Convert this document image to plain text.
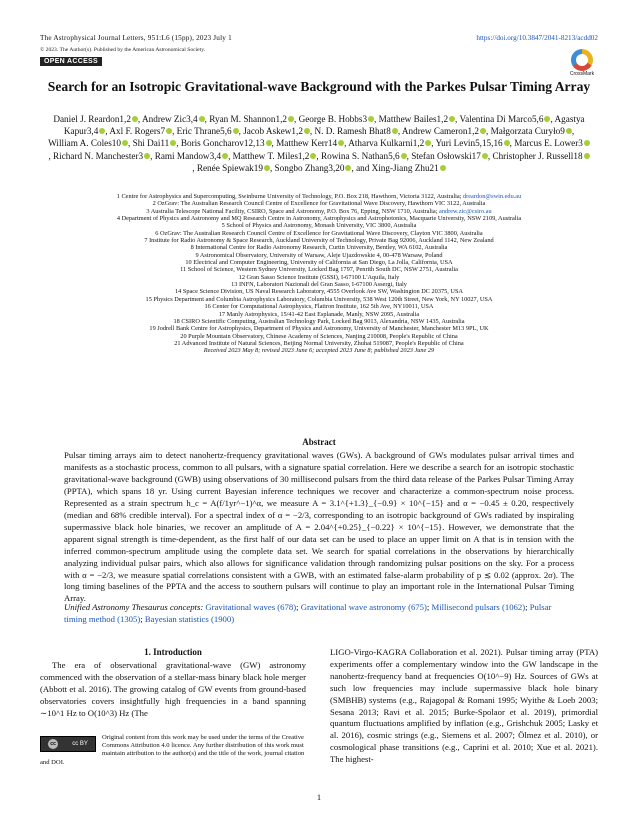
The Astrophysical Journal Letters, 951:L6 (15pp), 2023 July 1	https://doi.org/10.3847/2041-8213/acdd02
© 2023. The Author(s). Published by the American Astronomical Society.
OPEN ACCESS
CrossMark
Search for an Isotropic Gravitational-wave Background with the Parkes Pulsar Timing Array
Daniel J. Reardon1,2 , Andrew Zic3,4 , Ryan M. Shannon1,2 , George B. Hobbs3 , Matthew Bailes1,2 , Valentina Di Marco5,6 , Agastya Kapur3,4 , Axl F. Rogers7 , Eric Thrane5,6 , Jacob Askew1,2 , N. D. Ramesh Bhat8 , Andrew Cameron1,2 , Małgorzata Curyło9 , William A. Coles10 , Shi Dai11 , Boris Goncharov12,13 , Matthew Kerr14 , Atharva Kulkarni1,2 , Yuri Levin5,15,16 , Marcus E. Lower3, Richard N. Manchester3 , Rami Mandow3,4 , Matthew T. Miles1,2 , Rowina S. Nathan5,6 , Stefan Osłowski17 , Christopher J. Russell18, Renée Spiewak19 , Songbo Zhang3,20 , and Xing-Jiang Zhu21
1 Centre for Astrophysics and Supercomputing, Swinburne University of Technology, P.O. Box 218, Hawthorn, Victoria 3122, Australia; dreardon@swin.edu.au
2 OzGrav: The Australian Research Council Centre of Excellence for Gravitational Wave Discovery, Hawthorn VIC 3122, Australia
3 Australia Telescope National Facility, CSIRO, Space and Astronomy, P.O. Box 76, Epping, NSW 1710, Australia; andrew.zic@csiro.au
4 Department of Physics and Astronomy and MQ Research Centre in Astronomy, Astrophysics and Astrophotonics, Macquarie University, NSW 2109, Australia
5 School of Physics and Astronomy, Monash University, VIC 3800, Australia
6 OzGrav: The Australian Research Council Centre of Excellence for Gravitational Wave Discovery, Clayton VIC 3800, Australia
7 Institute for Radio Astronomy & Space Research, Auckland University of Technology, Private Bag 92006, Auckland 1142, New Zealand
8 International Centre for Radio Astronomy Research, Curtin University, Bentley, WA 6102, Australia
9 Astronomical Observatory, University of Warsaw, Aleje Ujazdowskie 4, 00-478 Warsaw, Poland
10 Electrical and Computer Engineering, University of California at San Diego, La Jolla, California, USA
11 School of Science, Western Sydney University, Locked Bag 1797, Penrith South DC, NSW 2751, Australia
12 Gran Sasso Science Institute (GSSI), I-67100 L'Aquila, Italy
13 INFN, Laboratori Nazionali del Gran Sasso, I-67100 Assergi, Italy
14 Space Science Division, US Naval Research Laboratory, 4555 Overlook Ave SW, Washington DC 20375, USA
15 Physics Department and Columbia Astrophysics Laboratory, Columbia University, 538 West 120th Street, New York, NY 10027, USA
16 Center for Computational Astrophysics, Flatiron Institute, 162 5th Ave, NY10011, USA
17 Manly Astrophysics, 15/41-42 East Esplanade, Manly, NSW 2095, Australia
18 CSIRO Scientific Computing, Australian Technology Park, Locked Bag 9013, Alexandria, NSW 1435, Australia
19 Jodrell Bank Centre for Astrophysics, Department of Physics and Astronomy, University of Manchester, Manchester M13 9PL, UK
20 Purple Mountain Observatory, Chinese Academy of Sciences, Nanjing 210008, People's Republic of China
21 Advanced Institute of Natural Sciences, Beijing Normal University, Zhuhai 519087, People's Republic of China
Received 2023 May 8; revised 2023 June 6; accepted 2023 June 8; published 2023 June 29
Abstract
Pulsar timing arrays aim to detect nanohertz-frequency gravitational waves (GWs). A background of GWs modulates pulsar arrival times and manifests as a stochastic process, common to all pulsars, with a signature spatial correlation. Here we describe a search for an isotropic stochastic gravitational-wave background (GWB) using observations of 30 millisecond pulsars from the third data release of the Parkes Pulsar Timing Array (PPTA), which spans 18 yr. Using current Bayesian inference techniques we recover and characterize a common-spectrum noise process. Represented as a strain spectrum h_c = A(f/1yr^−1)^α, we measure A = 3.1^{+1.3}_{−0.9} × 10^{−15} and α = −0.45 ± 0.20, respectively (median and 68% credible interval). For a spectral index of α = −2/3, corresponding to an isotropic background of GWs radiated by inspiraling supermassive black hole binaries, we recover an amplitude of A = 2.04^{+0.25}_{−0.22} × 10^{−15}. However, we demonstrate that the apparent signal strength is time-dependent, as the first half of our data set can be used to place an upper limit on A that is in tension with the inferred common-spectrum amplitude using the complete data set. We search for spatial correlations in the observations by hierarchically analyzing individual pulsar pairs, which also allows for significance validation through randomizing pulsar positions on the sky. For a process with α = −2/3, we measure spatial correlations consistent with a GWB, with an estimated false-alarm probability of p ≲ 0.02 (approx. 2σ). The long timing baselines of the PPTA and the access to southern pulsars will continue to play an important role in the International Pulsar Timing Array.
Unified Astronomy Thesaurus concepts: Gravitational waves (678); Gravitational wave astronomy (675); Millisecond pulsars (1062); Pulsar timing method (1305); Bayesian statistics (1900)
1. Introduction
The era of observational gravitational-wave (GW) astronomy commenced with the observation of a stellar-mass binary black hole merger (Abbott et al. 2016). The growing catalog of GW events from ground-based observatories covers insightfully high frequencies in a band spanning ∼10^1 Hz to O(10^3) Hz (The
cc	cc BY
Original content from this work may be used under the terms of the Creative Commons Attribution 4.0 licence. Any further distribution of this work must maintain attribution to the author(s) and the title of the work, journal citation and DOI.
LIGO-Virgo-KAGRA Collaboration et al. 2021). Pulsar timing array (PTA) experiments offer a complementary window into the GW landscape in the nanohertz-frequency band at frequencies O(10^−9) Hz. Sources of GWs at such low frequencies may include supermassive black hole binary (SMBHB) systems (e.g., Rajagopal & Romani 1995; Wyithe & Loeb 2003; Sesana 2013; Ravi et al. 2015; Burke-Spolaor et al. 2019), primordial quantum fluctuations amplified by inflation (e.g., Grishchuk 2005; Lasky et al. 2016), cosmic strings (e.g., Siemens et al. 2007; Ölmez et al. 2010), or cosmological phase transitions (e.g., Caprini et al. 2010; Xue et al. 2021). The highest-
1
